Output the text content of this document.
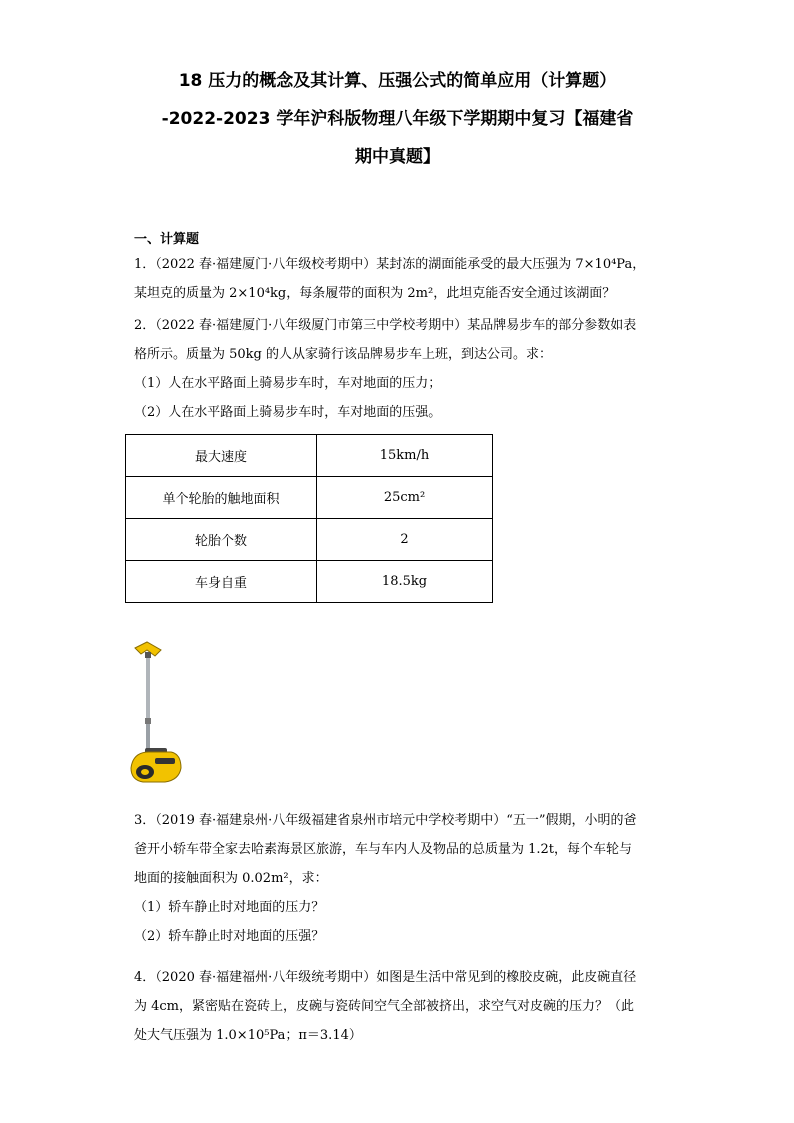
18 压力的概念及其计算、压强公式的简单应用（计算题）
-2022-2023 学年沪科版物理八年级下学期期中复习【福建省
期中真题】
一、计算题
1．（2022 春·福建厦门·八年级校考期中）某封冻的湖面能承受的最大压强为 7×10⁴Pa，
某坦克的质量为 2×10⁴kg，每条履带的面积为 2m²，此坦克能否安全通过该湖面？
2．（2022 春·福建厦门·八年级厦门市第三中学校考期中）某品牌易步车的部分参数如表
格所示。质量为 50kg 的人从家骑行该品牌易步车上班，到达公司。求：
（1）人在水平路面上骑易步车时，车对地面的压力；
（2）人在水平路面上骑易步车时，车对地面的压强。
最大速度	15km/h
单个轮胎的触地面积	25cm²
轮胎个数	2
车身自重	18.5kg
3．（2019 春·福建泉州·八年级福建省泉州市培元中学校考期中）“五一”假期，小明的爸
爸开小轿车带全家去哈素海景区旅游，车与车内人及物品的总质量为 1.2t，每个车轮与
地面的接触面积为 0.02m²，求：
（1）轿车静止时对地面的压力？
（2）轿车静止时对地面的压强？
4．（2020 春·福建福州·八年级统考期中）如图是生活中常见到的橡胶皮碗，此皮碗直径
为 4cm，紧密贴在瓷砖上，皮碗与瓷砖间空气全部被挤出，求空气对皮碗的压力？（此
处大气压强为 1.0×10⁵Pa；π＝3.14）
